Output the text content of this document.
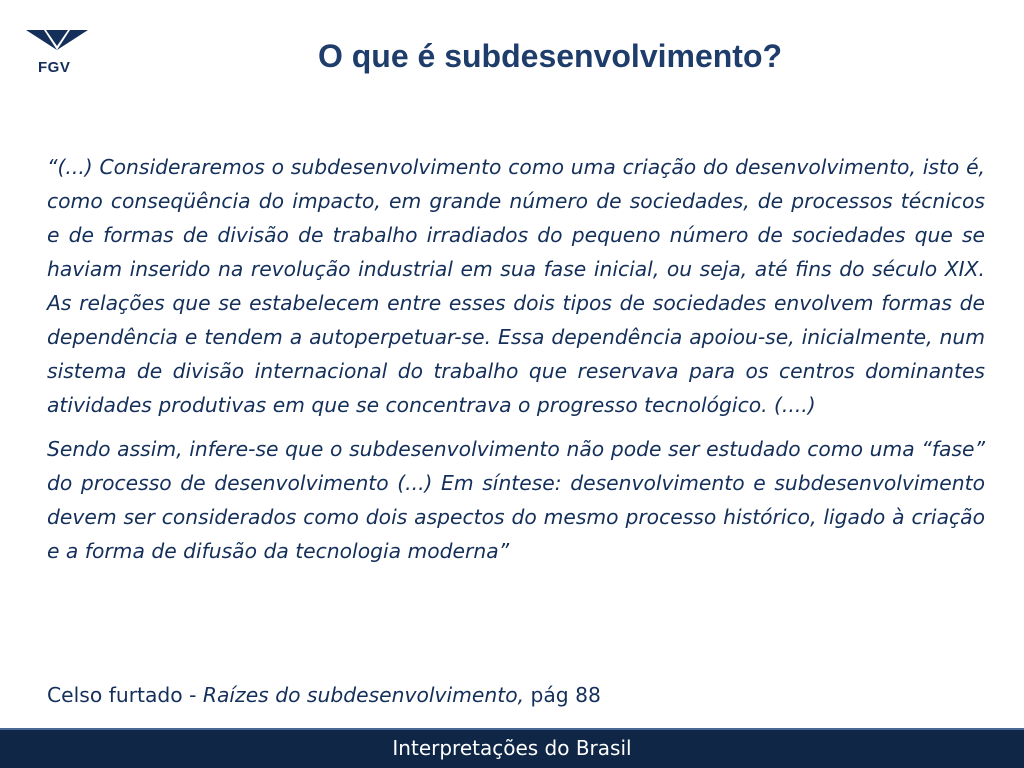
FGV	O que é subdesenvolvimento?

“(...) Consideraremos o subdesenvolvimento como uma criação do desenvolvimento, isto é, como conseqüência do impacto, em grande número de sociedades, de processos técnicos e de formas de divisão de trabalho irradiados do pequeno número de sociedades que se haviam inserido na revolução industrial em sua fase inicial, ou seja, até fins do século XIX. As relações que se estabelecem entre esses dois tipos de sociedades envolvem formas de dependência e tendem a autoperpetuar-se. Essa dependência apoiou-se, inicialmente, num sistema de divisão internacional do trabalho que reservava para os centros dominantes atividades produtivas em que se concentrava o progresso tecnológico. (....)

Sendo assim, infere-se que o subdesenvolvimento não pode ser estudado como uma “fase” do processo de desenvolvimento (...) Em síntese: desenvolvimento e subdesenvolvimento devem ser considerados como dois aspectos do mesmo processo histórico, ligado à criação e a forma de difusão da tecnologia moderna”

Celso furtado - Raízes do subdesenvolvimento, pág 88
Interpretações do Brasil
